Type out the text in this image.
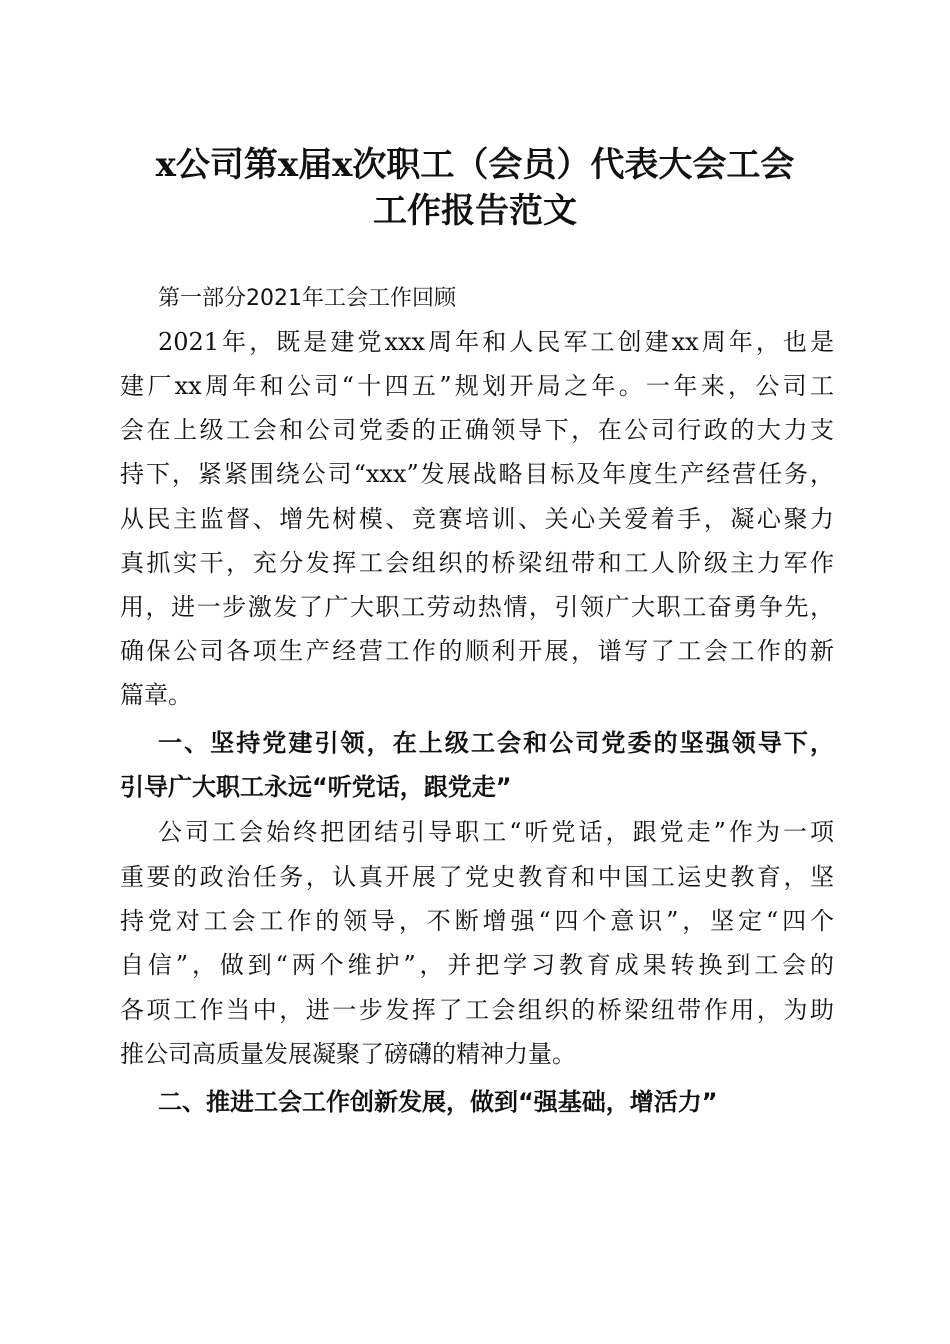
x公司第x届x次职工（会员）代表大会工会
工作报告范文

第一部分2021年工会工作回顾

2021年，既是建党xxx周年和人民军工创建xx周年，也是

建厂xx周年和公司“十四五”规划开局之年。一年来，公司工

会在上级工会和公司党委的正确领导下，在公司行政的大力支

持下，紧紧围绕公司“xxx”发展战略目标及年度生产经营任务，

从民主监督、增先树模、竞赛培训、关心关爱着手，凝心聚力

真抓实干，充分发挥工会组织的桥梁纽带和工人阶级主力军作

用，进一步激发了广大职工劳动热情，引领广大职工奋勇争先，

确保公司各项生产经营工作的顺利开展，谱写了工会工作的新

篇章。

一、坚持党建引领，在上级工会和公司党委的坚强领导下，

引导广大职工永远“听党话，跟党走”

公司工会始终把团结引导职工“听党话，跟党走”作为一项

重要的政治任务，认真开展了党史教育和中国工运史教育，坚

持党对工会工作的领导，不断增强“四个意识”，坚定“四个

自信”，做到“两个维护”，并把学习教育成果转换到工会的

各项工作当中，进一步发挥了工会组织的桥梁纽带作用，为助

推公司高质量发展凝聚了磅礴的精神力量。

二、推进工会工作创新发展，做到“强基础，增活力”
